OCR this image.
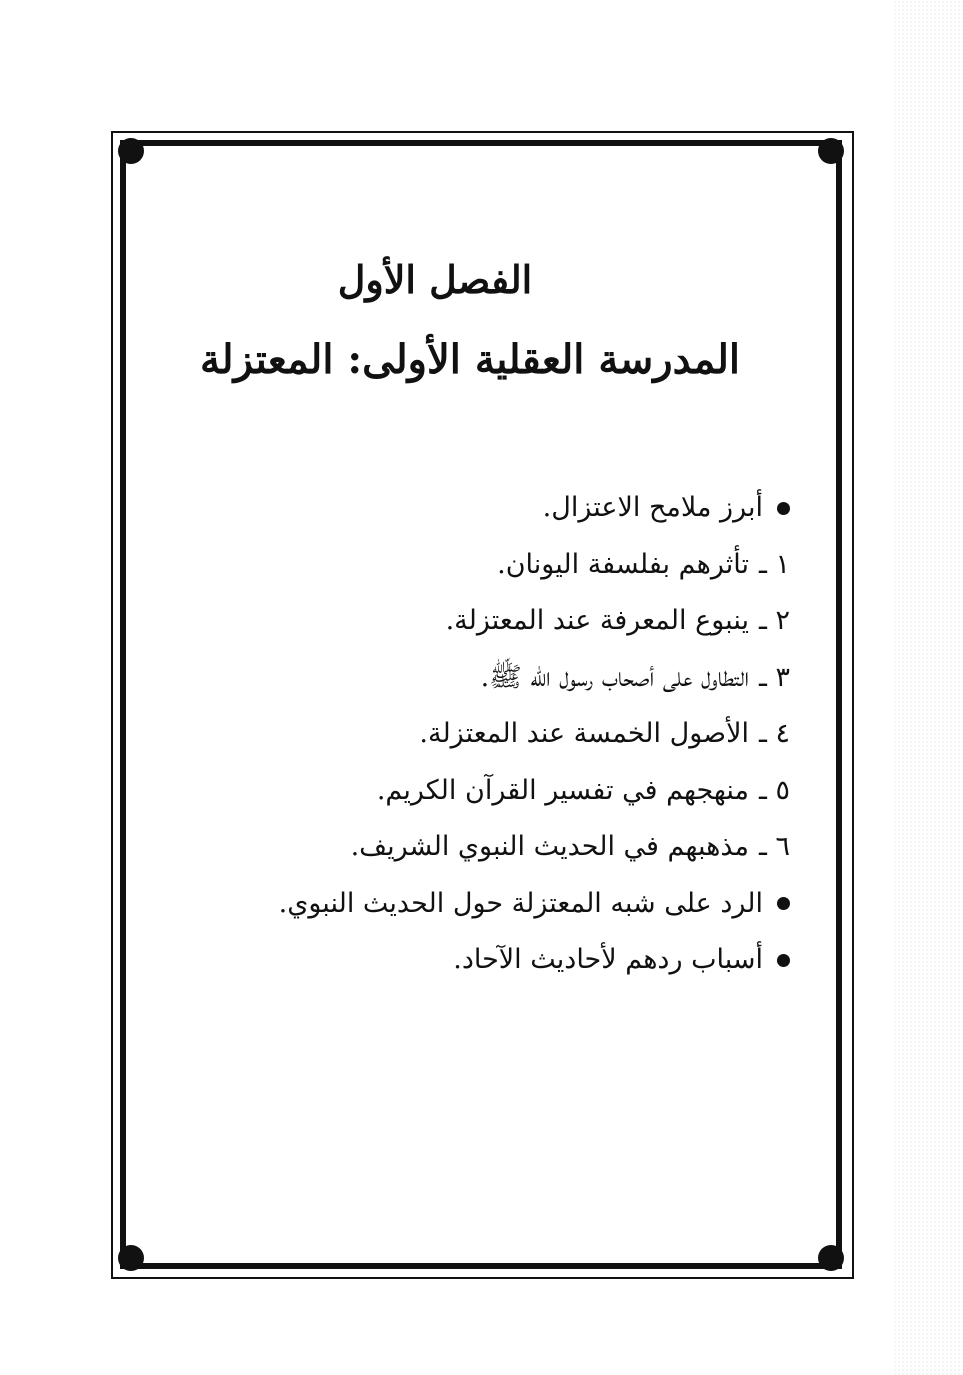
الفصل الأول
المدرسة العقلية الأولى: المعتزلة
أبرز ملامح الاعتزال.
١ ـ
تأثرهم بفلسفة اليونان.
٢ ـ
ينبوع المعرفة عند المعتزلة.
٣ ـ
التطاول على أصحاب رسول الله ﷺ.
٤ ـ
الأصول الخمسة عند المعتزلة.
٥ ـ
منهجهم في تفسير القرآن الكريم.
٦ ـ
مذهبهم في الحديث النبوي الشريف.
الرد على شبه المعتزلة حول الحديث النبوي.
أسباب ردهم لأحاديث الآحاد.
